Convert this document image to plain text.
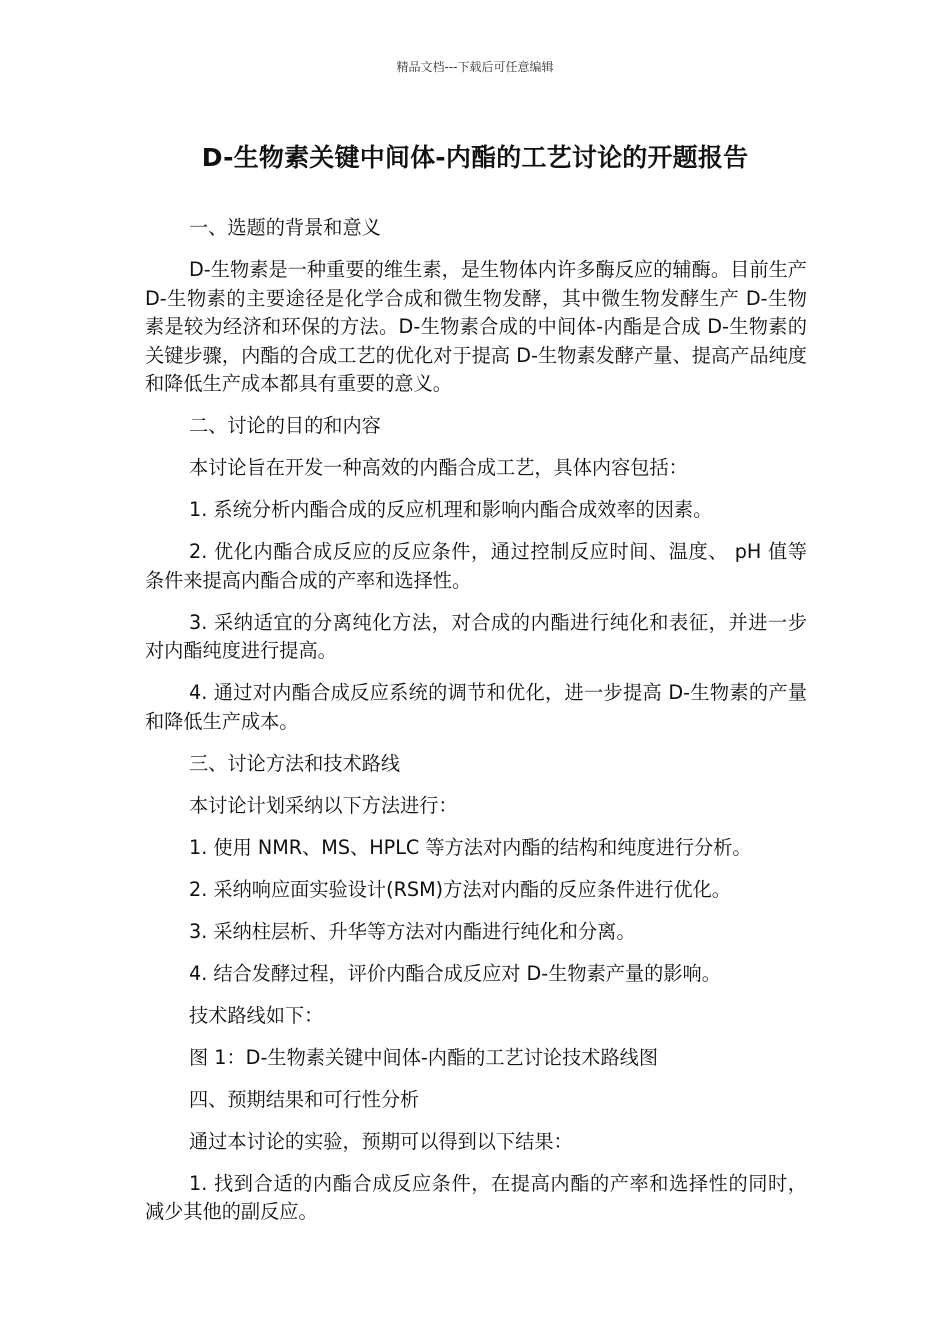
精品文档---下载后可任意编辑
D-生物素关键中间体-内酯的工艺讨论的开题报告

一、选题的背景和意义

D-生物素是一种重要的维生素，是生物体内许多酶反应的辅酶。目前生产 D-生物素的主要途径是化学合成和微生物发酵，其中微生物发酵生产 D-生物素是较为经济和环保的方法。D-生物素合成的中间体-内酯是合成 D-生物素的关键步骤，内酯的合成工艺的优化对于提高 D-生物素发酵产量、提高产品纯度和降低生产成本都具有重要的意义。

二、讨论的目的和内容

本讨论旨在开发一种高效的内酯合成工艺，具体内容包括：

1. 系统分析内酯合成的反应机理和影响内酯合成效率的因素。

2. 优化内酯合成反应的反应条件，通过控制反应时间、温度、 pH 值等条件来提高内酯合成的产率和选择性。

3. 采纳适宜的分离纯化方法，对合成的内酯进行纯化和表征，并进一步对内酯纯度进行提高。

4. 通过对内酯合成反应系统的调节和优化，进一步提高 D-生物素的产量和降低生产成本。

三、讨论方法和技术路线

本讨论计划采纳以下方法进行：

1. 使用 NMR、MS、HPLC 等方法对内酯的结构和纯度进行分析。

2. 采纳响应面实验设计(RSM)方法对内酯的反应条件进行优化。

3. 采纳柱层析、升华等方法对内酯进行纯化和分离。

4. 结合发酵过程，评价内酯合成反应对 D-生物素产量的影响。

技术路线如下：

图 1：D-生物素关键中间体-内酯的工艺讨论技术路线图

四、预期结果和可行性分析

通过本讨论的实验，预期可以得到以下结果：

1. 找到合适的内酯合成反应条件，在提高内酯的产率和选择性的同时，减少其他的副反应。
